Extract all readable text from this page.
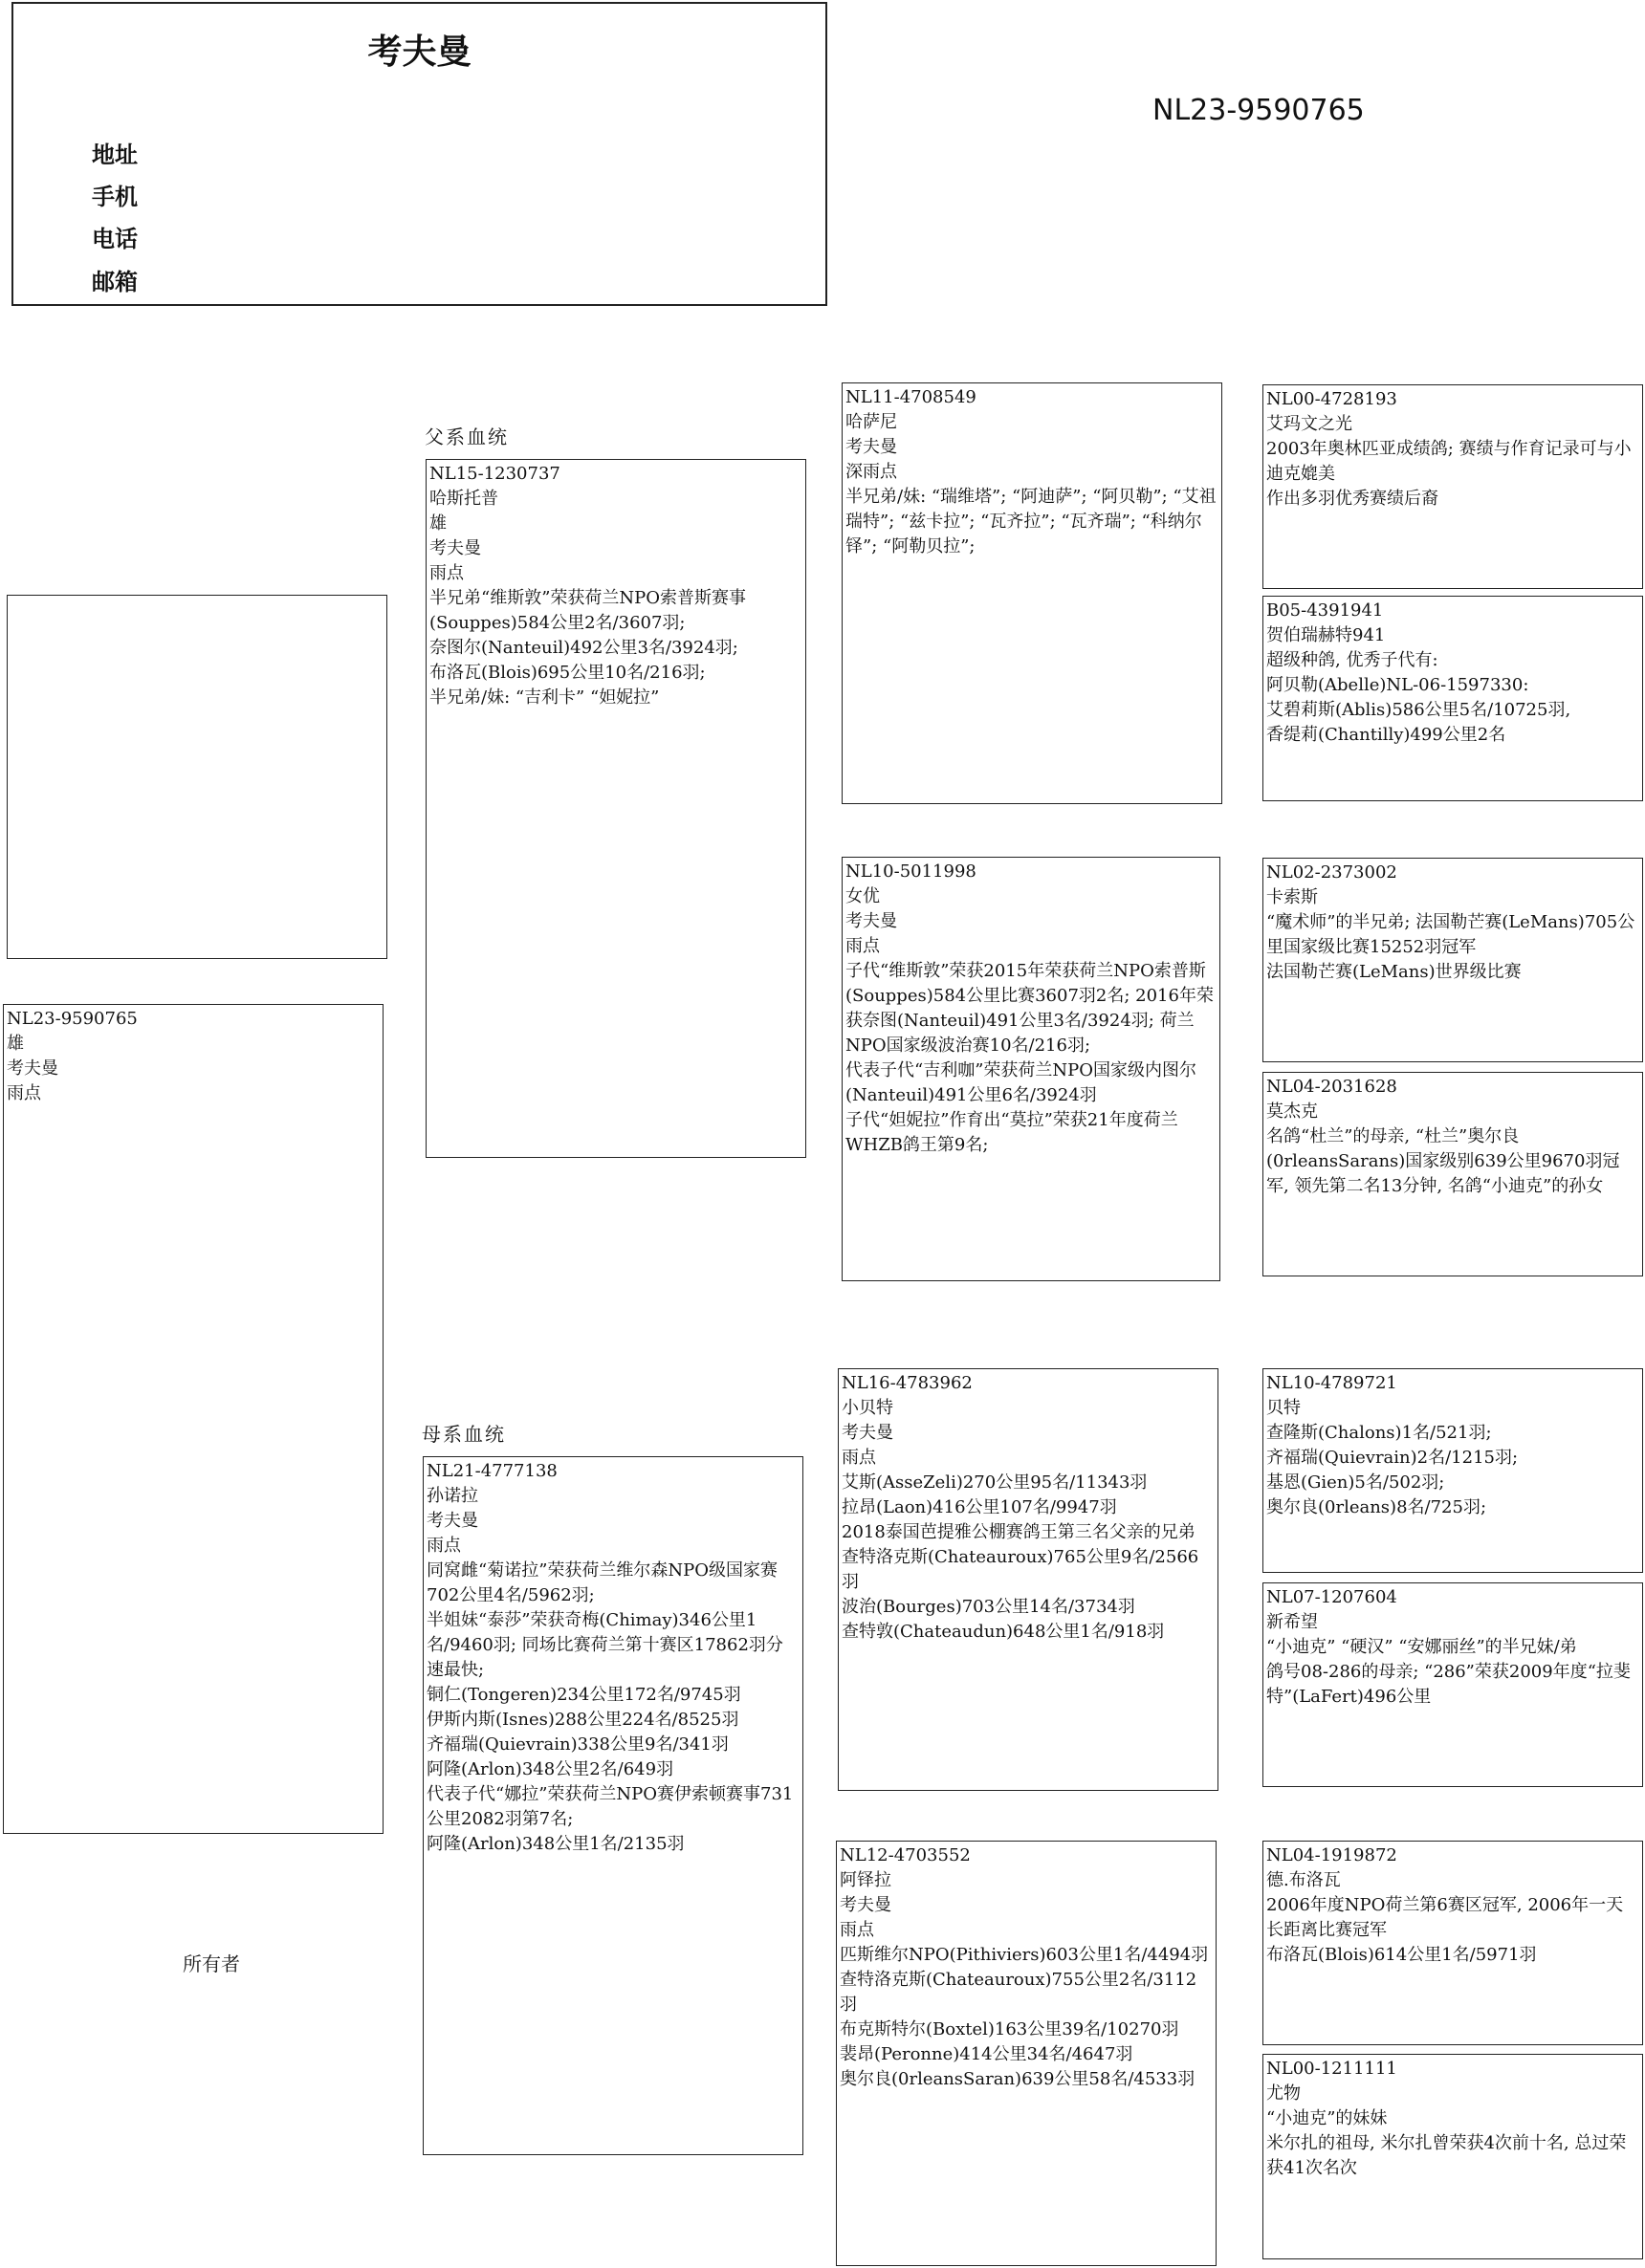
考夫曼
地址
手机
电话
邮箱
NL23-9590765
NL23-9590765
雄
考夫曼
雨点
所有者
父系血统
母系血统
NL15-1230737
哈斯托普
雄
考夫曼
雨点
半兄弟“维斯敦”荣获荷兰NPO索普斯赛事(Souppes)584公里2名/3607羽;
奈图尔(Nanteuil)492公里3名/3924羽;
布洛瓦(Blois)695公里10名/216羽;
半兄弟/妹: “吉利卡” “妲妮拉”
NL21-4777138
孙诺拉
考夫曼
雨点
同窝雌“菊诺拉”荣获荷兰维尔森NPO级国家赛702公里4名/5962羽;
半姐妹“泰莎”荣获奇梅(Chimay)346公里1名/9460羽; 同场比赛荷兰第十赛区17862羽分速最快;
铜仁(Tongeren)234公里172名/9745羽
伊斯内斯(Isnes)288公里224名/8525羽
齐福瑞(Quievrain)338公里9名/341羽
阿隆(Arlon)348公里2名/649羽
代表子代“娜拉”荣获荷兰NPO赛伊索顿赛事731公里2082羽第7名;
阿隆(Arlon)348公里1名/2135羽
NL11-4708549
哈萨尼
考夫曼
深雨点
半兄弟/妹: “瑞维塔”; “阿迪萨”; “阿贝勒”; “艾祖瑞特”; “兹卡拉”; “瓦齐拉”; “瓦齐瑞”; “科纳尔铎”; “阿勒贝拉”;
NL10-5011998
女优
考夫曼
雨点
子代“维斯敦”荣获2015年荣获荷兰NPO索普斯(Souppes)584公里比赛3607羽2名; 2016年荣获奈图(Nanteuil)491公里3名/3924羽; 荷兰NPO国家级波治赛10名/216羽;
代表子代“吉利咖”荣获荷兰NPO国家级内图尔(Nanteuil)491公里6名/3924羽
子代“妲妮拉”作育出“莫拉”荣获21年度荷兰WHZB鸽王第9名;
NL16-4783962
小贝特
考夫曼
雨点
艾斯(AsseZeli)270公里95名/11343羽
拉昂(Laon)416公里107名/9947羽
2018泰国芭提雅公棚赛鸽王第三名父亲的兄弟
查特洛克斯(Chateauroux)765公里9名/2566羽
波治(Bourges)703公里14名/3734羽
查特敦(Chateaudun)648公里1名/918羽
NL12-4703552
阿铎拉
考夫曼
雨点
匹斯维尔NPO(Pithiviers)603公里1名/4494羽
查特洛克斯(Chateauroux)755公里2名/3112羽
布克斯特尔(Boxtel)163公里39名/10270羽
裴昂(Peronne)414公里34名/4647羽
奥尔良(0rleansSaran)639公里58名/4533羽
NL00-4728193
艾玛文之光
2003年奥林匹亚成绩鸽; 赛绩与作育记录可与小迪克媲美
作出多羽优秀赛绩后裔
B05-4391941
贺伯瑞赫特941
超级种鸽, 优秀子代有:
阿贝勒(Abelle)NL-06-1597330:
艾碧莉斯(Ablis)586公里5名/10725羽,
香缇莉(Chantilly)499公里2名
NL02-2373002
卡索斯
“魔术师”的半兄弟; 法国勒芒赛(LeMans)705公里国家级比赛15252羽冠军
法国勒芒赛(LeMans)世界级比赛
NL04-2031628
莫杰克
名鸽“杜兰”的母亲, “杜兰”奥尔良(0rleansSarans)国家级别639公里9670羽冠军, 领先第二名13分钟, 名鸽“小迪克”的孙女
NL10-4789721
贝特
查隆斯(Chalons)1名/521羽;
齐福瑞(Quievrain)2名/1215羽;
基恩(Gien)5名/502羽;
奥尔良(0rleans)8名/725羽;
NL07-1207604
新希望
“小迪克” “硬汉” “安娜丽丝”的半兄妹/弟
鸽号08-286的母亲; “286”荣获2009年度“拉斐特”(LaFert)496公里
NL04-1919872
德.布洛瓦
2006年度NPO荷兰第6赛区冠军, 2006年一天长距离比赛冠军
布洛瓦(Blois)614公里1名/5971羽
NL00-1211111
尤物
“小迪克”的妹妹
米尔扎的祖母, 米尔扎曾荣获4次前十名, 总过荣获41次名次
